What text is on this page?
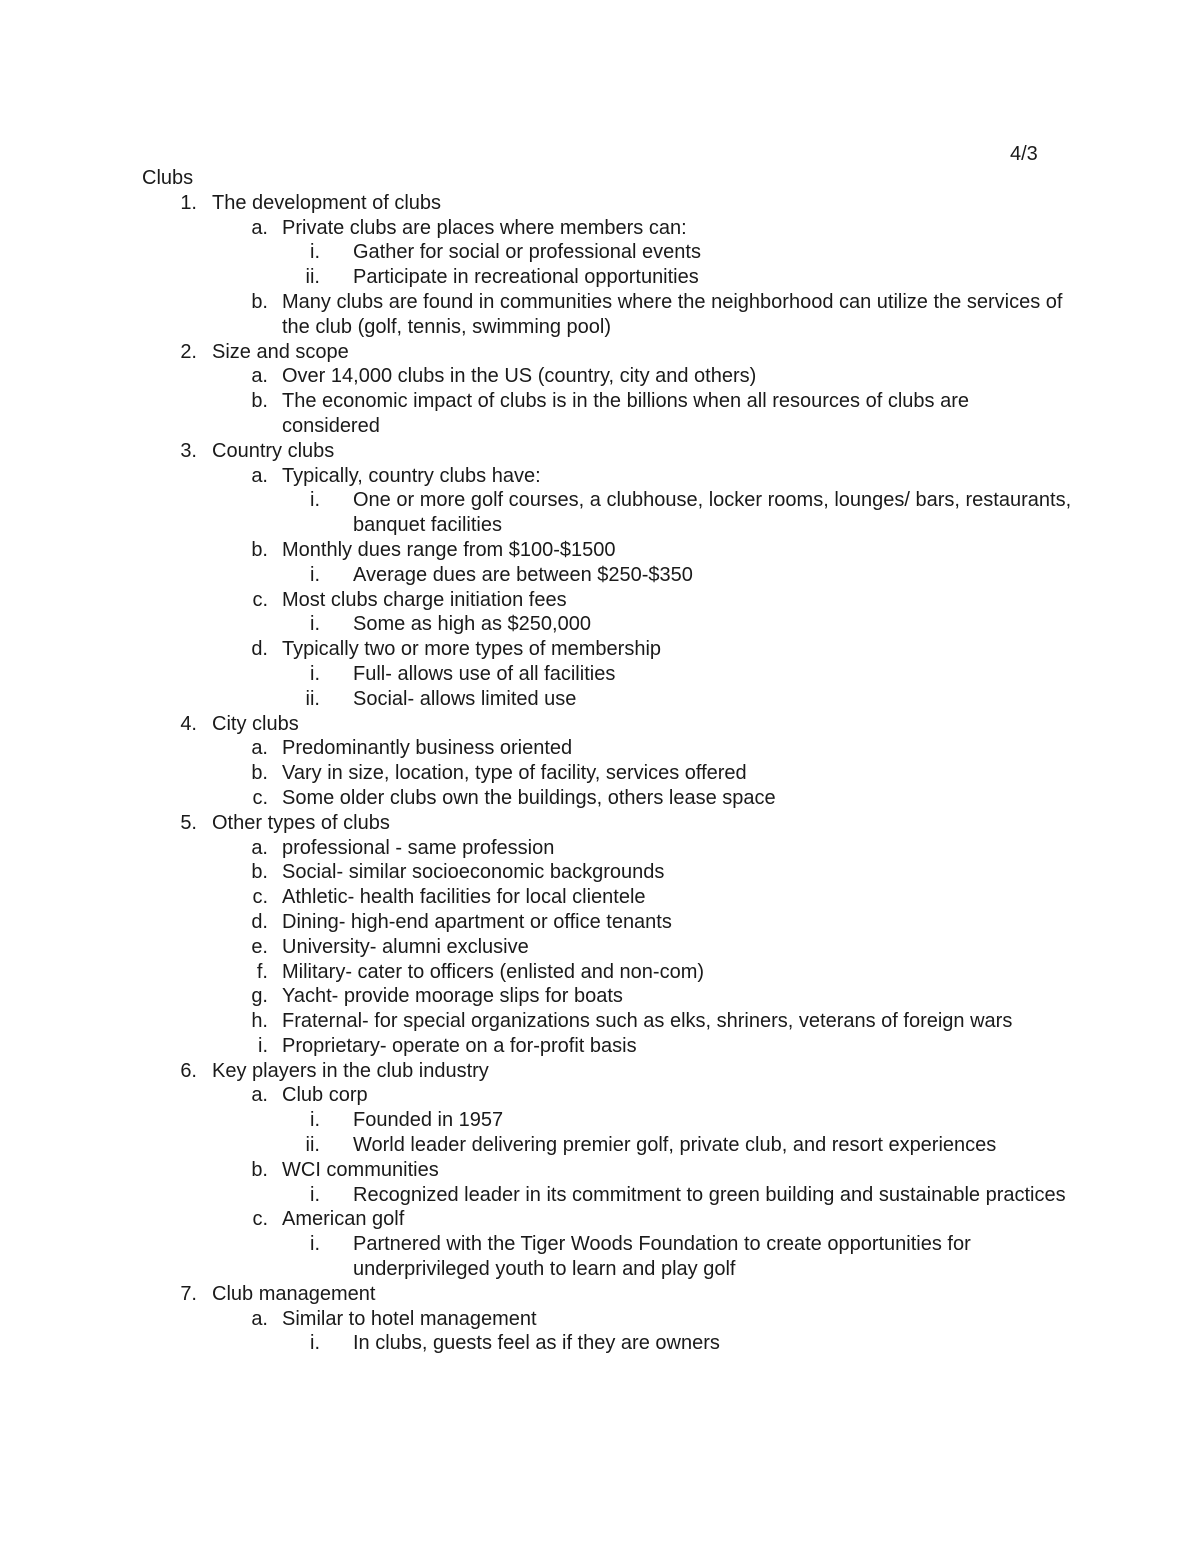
4/3
Clubs
1. The development of clubs
a. Private clubs are places where members can:
i. Gather for social or professional events
ii. Participate in recreational opportunities
b. Many clubs are found in communities where the neighborhood can utilize the services of the club (golf, tennis, swimming pool)
2. Size and scope
a. Over 14,000 clubs in the US (country, city and others)
b. The economic impact of clubs is in the billions when all resources of clubs are considered
3. Country clubs
a. Typically, country clubs have:
i. One or more golf courses, a clubhouse, locker rooms, lounges/ bars, restaurants, banquet facilities
b. Monthly dues range from $100-$1500
i. Average dues are between $250-$350
c. Most clubs charge initiation fees
i. Some as high as $250,000
d. Typically two or more types of membership
i. Full- allows use of all facilities
ii. Social- allows limited use
4. City clubs
a. Predominantly business oriented
b. Vary in size, location, type of facility, services offered
c. Some older clubs own the buildings, others lease space
5. Other types of clubs
a. professional - same profession
b. Social- similar socioeconomic backgrounds
c. Athletic- health facilities for local clientele
d. Dining- high-end apartment or office tenants
e. University- alumni exclusive
f. Military- cater to officers (enlisted and non-com)
g. Yacht- provide moorage slips for boats
h. Fraternal- for special organizations such as elks, shriners, veterans of foreign wars
i. Proprietary- operate on a for-profit basis
6. Key players in the club industry
a. Club corp
i. Founded in 1957
ii. World leader delivering premier golf, private club, and resort experiences
b. WCI communities
i. Recognized leader in its commitment to green building and sustainable practices
c. American golf
i. Partnered with the Tiger Woods Foundation to create opportunities for underprivileged youth to learn and play golf
7. Club management
a. Similar to hotel management
i. In clubs, guests feel as if they are owners
